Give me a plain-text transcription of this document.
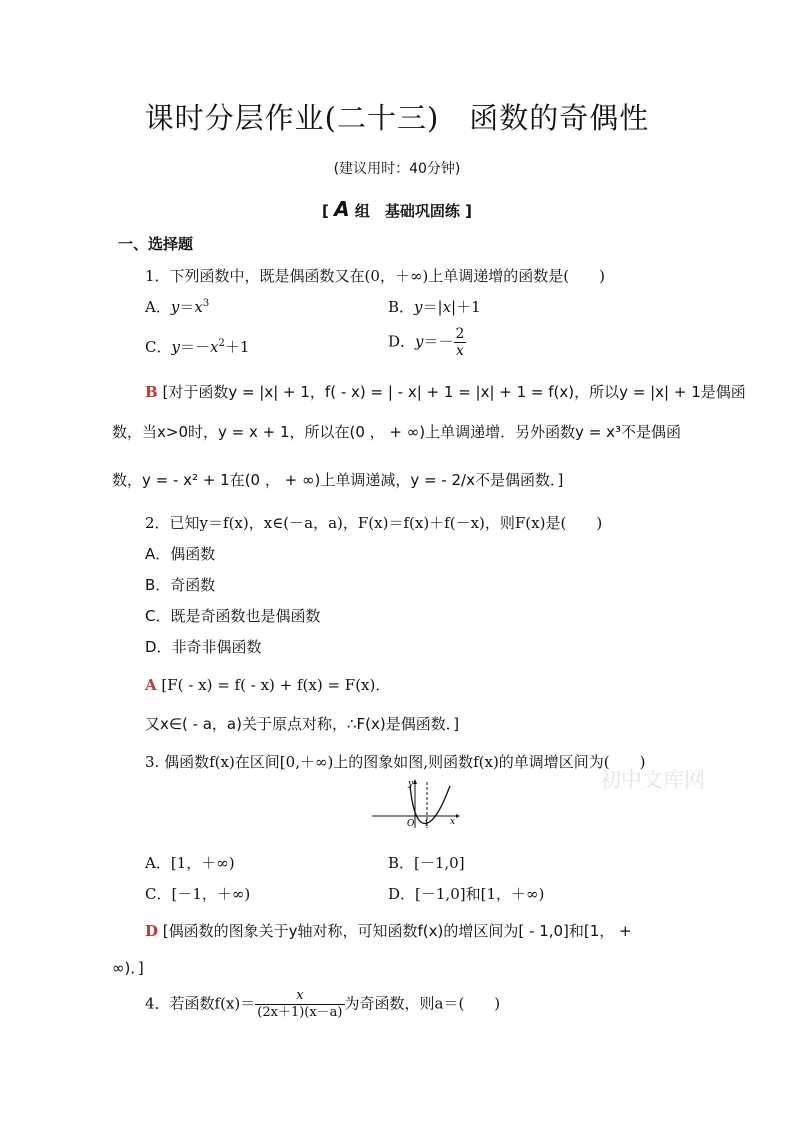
课时分层作业(二十三)　函数的奇偶性
(建议用时：40分钟)
[ A 组　基础巩固练 ]
一、选择题
1．下列函数中，既是偶函数又在(0，＋∞)上单调递增的函数是(　　)
A．$y=x^3$	B．y＝|x|＋1
C．$y=-x^2+1$	D．$y=- \frac{2}{x}$
B [对于函数y = |x| + 1，f( - x) = | - x| + 1 = |x| + 1 = f(x)，所以y = |x| + 1是偶函
数，当x>0时，y = x + 1，所以在(0 ， + ∞)上单调递增．另外函数y = x³不是偶函
数，y = - x² + 1在(0 ， + ∞)上单调递减，y = - 2/x不是偶函数．]
2．已知y＝f(x)，x∈(－a，a)，F(x)＝f(x)＋f(－x)，则F(x)是(　　)
A．偶函数
B．奇函数
C．既是奇函数也是偶函数
D．非奇非偶函数
A [F( - x) = f( - x) + f(x) = F(x)．
又x∈( - a，a)关于原点对称，∴F(x)是偶函数．]
3. 偶函数f(x)在区间[0,＋∞)上的图象如图,则函数f(x)的单调增区间为(　　)
初中文库网
y
O 1 x
A．[1，＋∞)	B．[－1,0]
C．[－1，＋∞)	D．[－1,0]和[1，＋∞)
D [偶函数的图象关于y轴对称，可知函数f(x)的增区间为[ - 1,0]和[1， +
∞)．]
4．若函数$f(x)= \frac{x}{(2x+1)(x-a)}$ 为奇函数，则a＝(　　)
